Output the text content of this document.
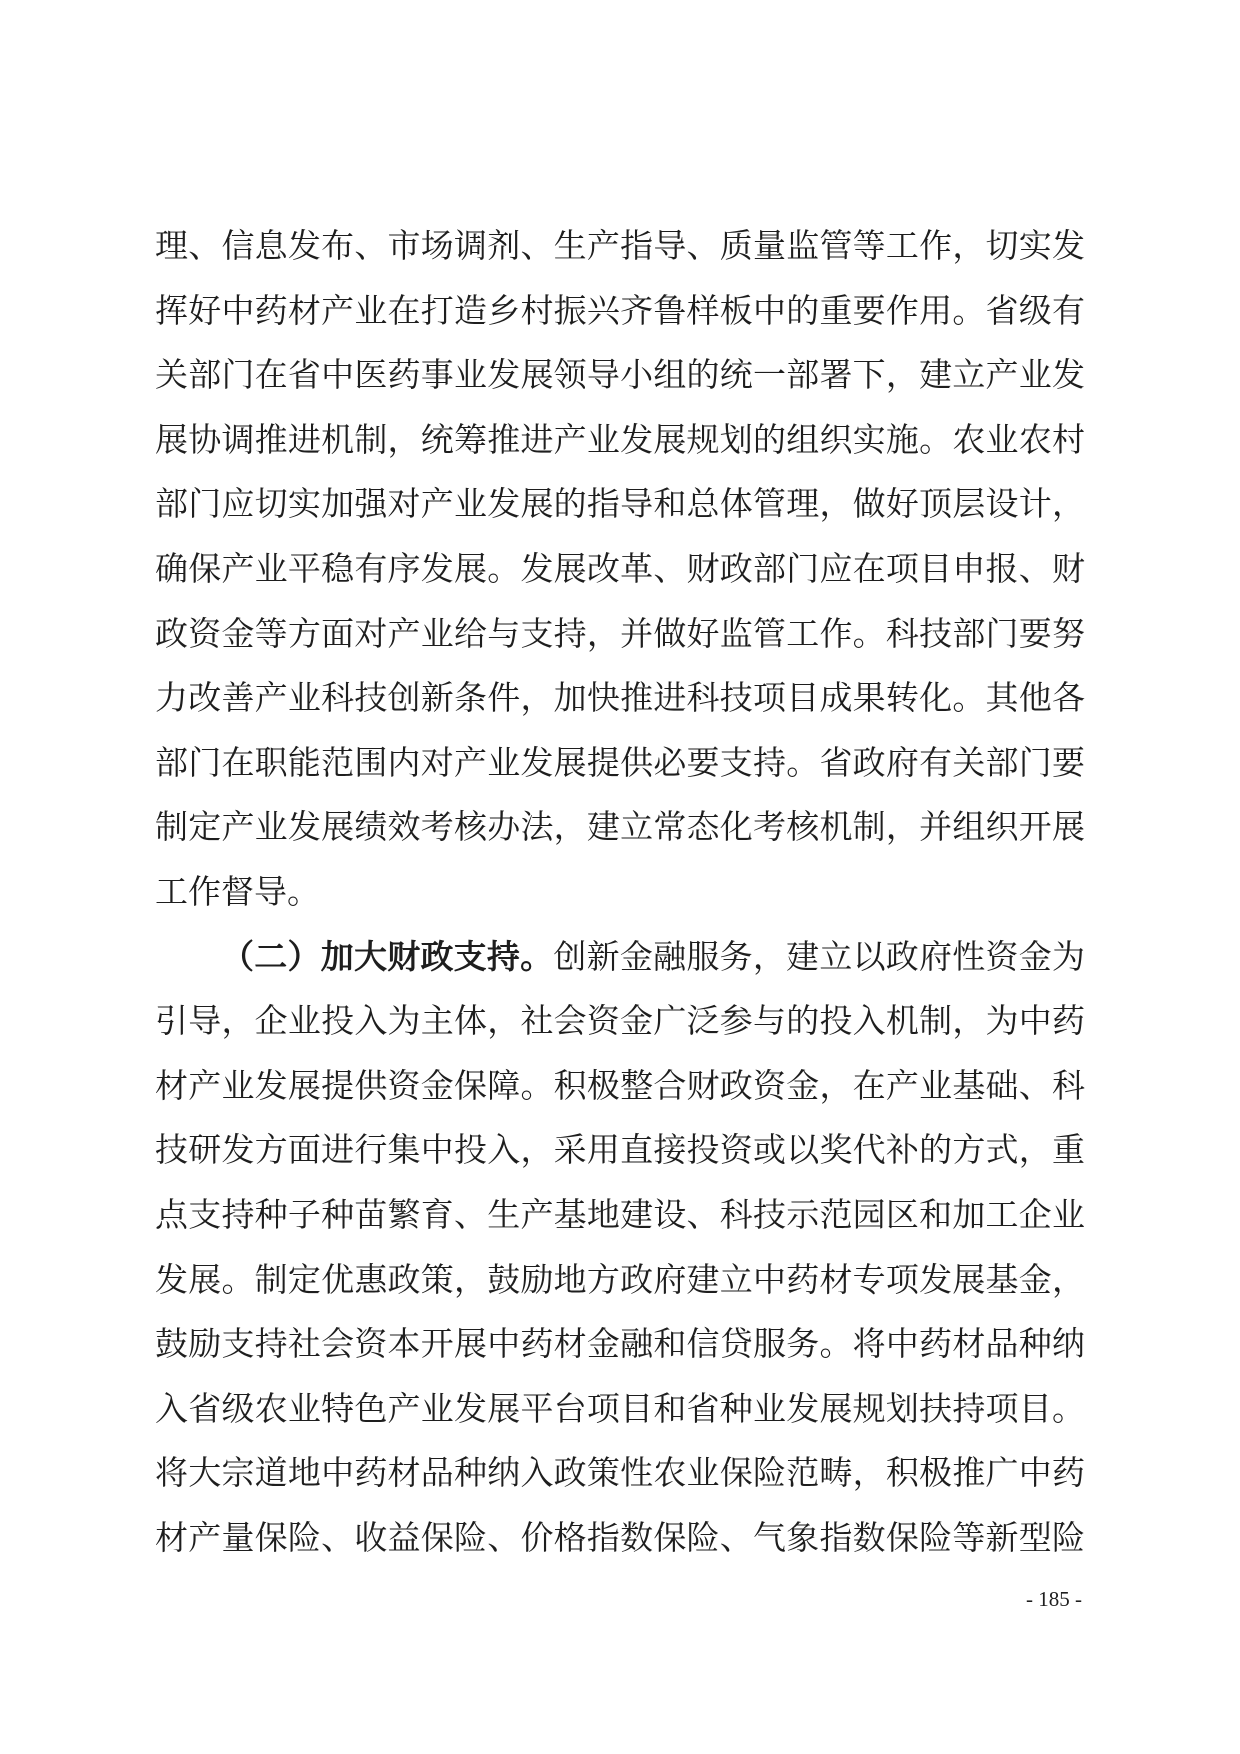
理、信息发布、市场调剂、生产指导、质量监管等工作，切实发
挥好中药材产业在打造乡村振兴齐鲁样板中的重要作用。省级有
关部门在省中医药事业发展领导小组的统一部署下，建立产业发
展协调推进机制，统筹推进产业发展规划的组织实施。农业农村
部门应切实加强对产业发展的指导和总体管理，做好顶层设计，
确保产业平稳有序发展。发展改革、财政部门应在项目申报、财
政资金等方面对产业给与支持，并做好监管工作。科技部门要努
力改善产业科技创新条件，加快推进科技项目成果转化。其他各
部门在职能范围内对产业发展提供必要支持。省政府有关部门要
制定产业发展绩效考核办法，建立常态化考核机制，并组织开展
工作督导。
（二）加大财政支持。创新金融服务，建立以政府性资金为
引导，企业投入为主体，社会资金广泛参与的投入机制，为中药
材产业发展提供资金保障。积极整合财政资金，在产业基础、科
技研发方面进行集中投入，采用直接投资或以奖代补的方式，重
点支持种子种苗繁育、生产基地建设、科技示范园区和加工企业
发展。制定优惠政策，鼓励地方政府建立中药材专项发展基金，
鼓励支持社会资本开展中药材金融和信贷服务。将中药材品种纳
入省级农业特色产业发展平台项目和省种业发展规划扶持项目。
将大宗道地中药材品种纳入政策性农业保险范畴，积极推广中药
材产量保险、收益保险、价格指数保险、气象指数保险等新型险
- 185 -
